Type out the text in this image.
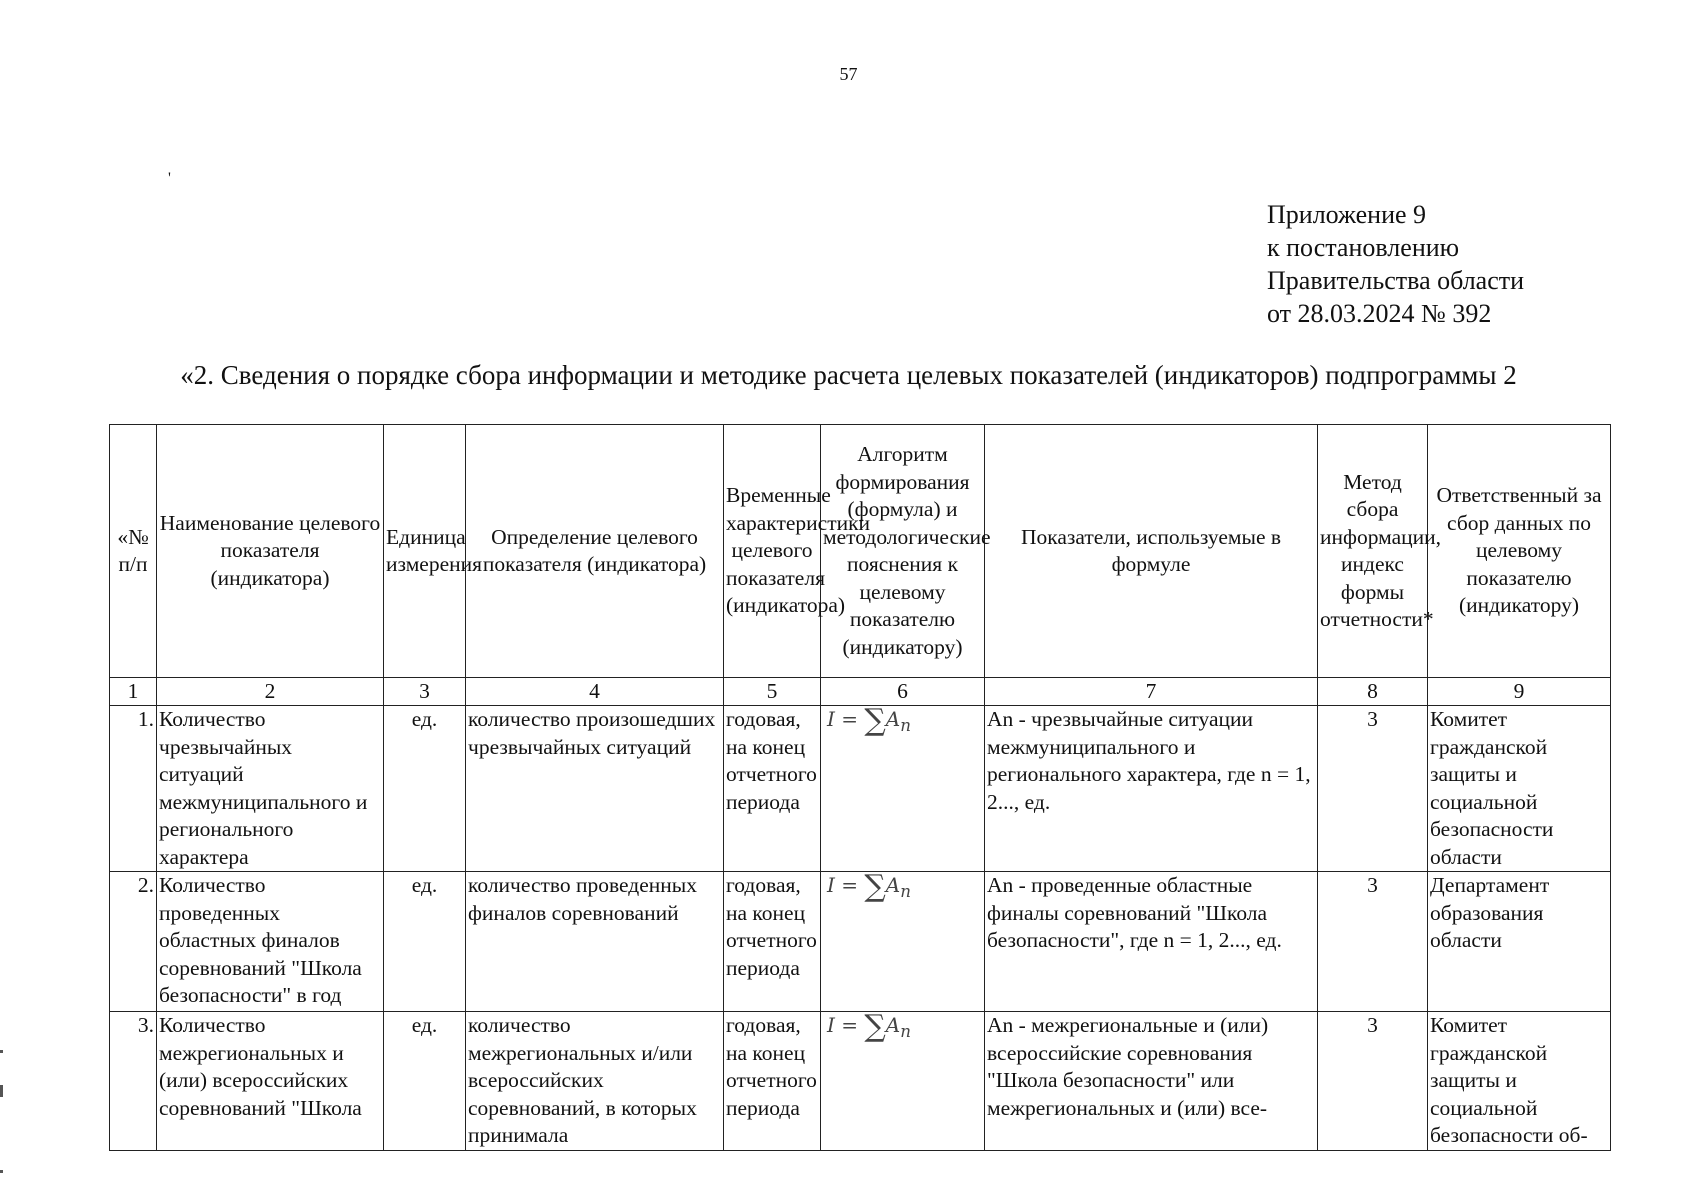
57
'
Приложение 9
к постановлению
Правительства области
от 28.03.2024 № 392
«2. Сведения о порядке сбора информации и методике расчета целевых показателей (индикаторов) подпрограммы 2
«№ п/п	Наименование целевого показателя (индикатора)	Единица измерения	Определение целевого показателя (индикатора)	Временные характеристики целевого показателя (индикатора)	Алгоритм формирования (формула) и методологические пояснения к целевому показателю (индикатору)	Показатели, используемые в формуле	Метод сбора информации, индекс формы отчетности*	Ответственный за сбор данных по целевому показателю (индикатору)
1	2	3	4	5	6	7	8	9
1.	Количество чрезвычайных ситуаций межмуниципального и регионального характера	ед.	количество произошедших чрезвычайных ситуаций	годовая, на конец отчетного периода	$I = \sum A_n$	An - чрезвычайные ситуации межмуниципального и регионального характера, где n = 1, 2..., ед.	3	Комитет гражданской защиты и социальной безопасности области
2.	Количество проведенных областных финалов соревнований "Школа безопасности" в год	ед.	количество проведенных финалов соревнований	годовая, на конец отчетного периода	$I = \sum A_n$	An - проведенные областные финалы соревнований "Школа безопасности", где n = 1, 2..., ед.	3	Департамент образования области
3.	Количество межрегиональных и (или) всероссийских соревнований "Школа	ед.	количество межрегиональных и/или всероссийских соревнований, в которых принимала	годовая, на конец отчетного периода	$I = \sum A_n$	An - межрегиональные и (или) всероссийские соревнования "Школа безопасности" или межрегиональных и (или) все-	3	Комитет гражданской защиты и социальной безопасности об-
